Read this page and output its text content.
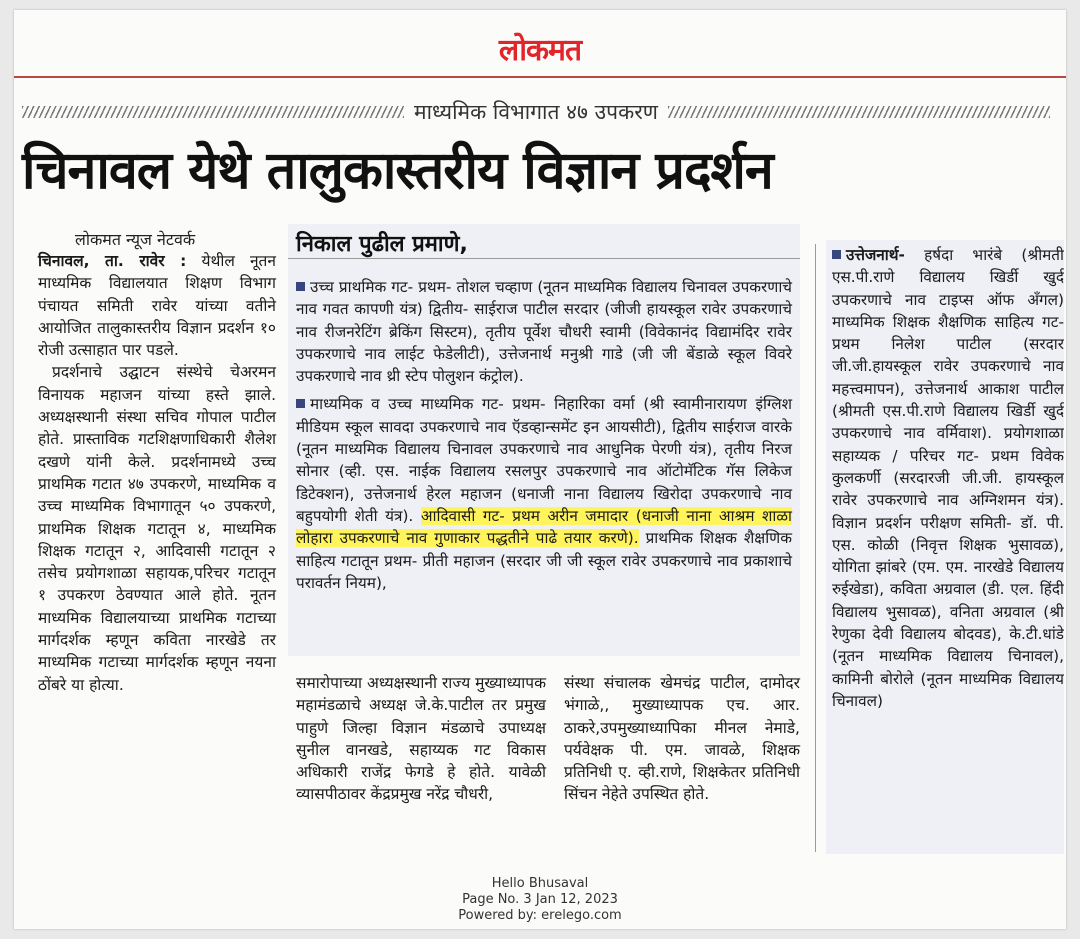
लोकमत
माध्यमिक विभागात ४७ उपकरण
चिनावल येथे तालुकास्तरीय विज्ञान प्रदर्शन
लोकमत न्यूज नेटवर्क

चिनावल, ता. रावेर : येथील नूतन माध्यमिक विद्यालयात शिक्षण विभाग पंचायत समिती रावेर यांच्या वतीने आयोजित तालुकास्तरीय विज्ञान प्रदर्शन १० रोजी उत्साहात पार पडले.

प्रदर्शनाचे उद्घाटन संस्थेचे चेअरमन विनायक महाजन यांच्या हस्ते झाले. अध्यक्षस्थानी संस्था सचिव गोपाल पाटील होते. प्रास्ताविक गटशिक्षणाधिकारी शैलेश दखणे यांनी केले. प्रदर्शनामध्ये उच्च प्राथमिक गटात ४७ उपकरणे, माध्यमिक व उच्च माध्यमिक विभागातून ५० उपकरणे, प्राथमिक शिक्षक गटातून ४, माध्यमिक शिक्षक गटातून २, आदिवासी गटातून २ तसेच प्रयोगशाळा सहायक,परिचर गटातून १ उपकरण ठेवण्यात आले होते. नूतन माध्यमिक विद्यालयाच्या प्राथमिक गटाच्या मार्गदर्शक म्हणून कविता नारखेडे तर माध्यमिक गटाच्या मार्गदर्शक म्हणून नयना ठोंबरे या होत्या.

निकाल पुढील प्रमाणे,

उच्च प्राथमिक गट- प्रथम- तोशल चव्हाण (नूतन माध्यमिक विद्यालय चिनावल उपकरणाचे नाव गवत कापणी यंत्र) द्वितीय- साईराज पाटील सरदार (जीजी हायस्कूल रावेर उपकरणाचे नाव रीजनरेटिंग ब्रेकिंग सिस्टम), तृतीय पूर्वेश चौधरी स्वामी (विवेकानंद विद्यामंदिर रावेर उपकरणाचे नाव लाईट फेडेलीटी), उत्तेजनार्थ मनुश्री गाडे (जी जी बेंडाळे स्कूल विवरे उपकरणाचे नाव थ्री स्टेप पोलुशन कंट्रोल).

माध्यमिक व उच्च माध्यमिक गट- प्रथम- निहारिका वर्मा (श्री स्वामीनारायण इंग्लिश मीडियम स्कूल सावदा उपकरणाचे नाव ऍडव्हान्समेंट इन आयसीटी), द्वितीय साईराज वारके (नूतन माध्यमिक विद्यालय चिनावल उपकरणाचे नाव आधुनिक पेरणी यंत्र), तृतीय निरज सोनार (व्ही. एस. नाईक विद्यालय रसलपुर उपकरणाचे नाव ऑटोमॅटिक गॅस लिकेज डिटेक्शन), उत्तेजनार्थ हेरल महाजन (धनाजी नाना विद्यालय खिरोदा उपकरणाचे नाव बहुपयोगी शेती यंत्र). आदिवासी गट- प्रथम अरीन जमादार (धनाजी नाना आश्रम शाळा लोहारा उपकरणाचे नाव गुणाकार पद्धतीने पाढे तयार करणे). प्राथमिक शिक्षक शैक्षणिक साहित्य गटातून प्रथम- प्रीती महाजन (सरदार जी जी स्कूल रावेर उपकरणाचे नाव प्रकाशाचे परावर्तन नियम),

समारोपाच्या अध्यक्षस्थानी राज्य मुख्याध्यापक महामंडळाचे अध्यक्ष जे.के.पाटील तर प्रमुख पाहुणे जिल्हा विज्ञान मंडळाचे उपाध्यक्ष सुनील वानखडे, सहाय्यक गट विकास अधिकारी राजेंद्र फेगडे हे होते. यावेळी व्यासपीठावर केंद्रप्रमुख नरेंद्र चौधरी,
संस्था संचालक खेमचंद्र पाटील, दामोदर भंगाळे,, मुख्याध्यापक एच. आर. ठाकरे,उपमुख्याध्यापिका मीनल नेमाडे, पर्यवेक्षक पी. एम. जावळे, शिक्षक प्रतिनिधी ए. व्ही.राणे, शिक्षकेतर प्रतिनिधी सिंचन नेहेते उपस्थित होते.
उत्तेजनार्थ- हर्षदा भारंबे (श्रीमती एस.पी.राणे विद्यालय खिर्डी खुर्द उपकरणाचे नाव टाइप्स ऑफ अँगल) माध्यमिक शिक्षक शैक्षणिक साहित्य गट- प्रथम निलेश पाटील (सरदार जी.जी.हायस्कूल रावेर उपकरणाचे नाव महत्त्वमापन), उत्तेजनार्थ आकाश पाटील (श्रीमती एस.पी.राणे विद्यालय खिर्डी खुर्द उपकरणाचे नाव वर्मिवाश). प्रयोगशाळा सहाय्यक / परिचर गट- प्रथम विवेक कुलकर्णी (सरदारजी जी.जी. हायस्कूल रावेर उपकरणाचे नाव अग्निशमन यंत्र). विज्ञान प्रदर्शन परीक्षण समिती- डॉ. पी. एस. कोळी (निवृत्त शिक्षक भुसावळ), योगिता झांबरे (एम. एम. नारखेडे विद्यालय रुईखेडा), कविता अग्रवाल (डी. एल. हिंदी विद्यालय भुसावळ), वनिता अग्रवाल (श्री रेणुका देवी विद्यालय बोदवड), के.टी.धांडे (नूतन माध्यमिक विद्यालय चिनावल), कामिनी बोरोले (नूतन माध्यमिक विद्यालय चिनावल)
Hello Bhusaval
Page No. 3 Jan 12, 2023
Powered by: erelego.com
